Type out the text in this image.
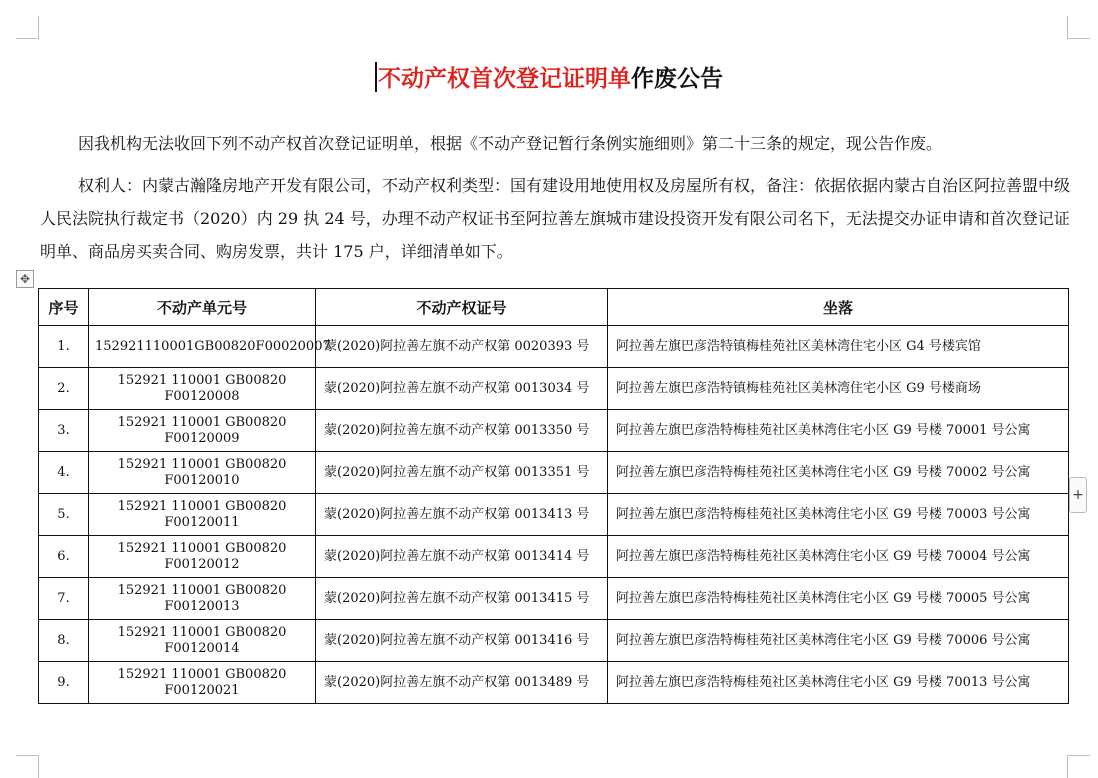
不动产权首次登记证明单作废公告
因我机构无法收回下列不动产权首次登记证明单，根据《不动产登记暂行条例实施细则》第二十三条的规定，现公告作废。
权利人：内蒙古瀚隆房地产开发有限公司，不动产权利类型：国有建设用地使用权及房屋所有权，备注：依据依据内蒙古自治区阿拉善盟中级人民法院执行裁定书（2020）内 29 执 24 号，办理不动产权证书至阿拉善左旗城市建设投资开发有限公司名下，无法提交办证申请和首次登记证明单、商品房买卖合同、购房发票，共计 175 户，详细清单如下。
✥
+
序号	不动产单元号	不动产权证号	坐落
1.	152921110001GB00820F00020007	蒙(2020)阿拉善左旗不动产权第 0020393 号	阿拉善左旗巴彦浩特镇梅桂苑社区美林湾住宅小区 G4 号楼宾馆
2.	152921 110001 GB00820 F00120008	蒙(2020)阿拉善左旗不动产权第 0013034 号	阿拉善左旗巴彦浩特镇梅桂苑社区美林湾住宅小区 G9 号楼商场
3.	152921 110001 GB00820 F00120009	蒙(2020)阿拉善左旗不动产权第 0013350 号	阿拉善左旗巴彦浩特梅桂苑社区美林湾住宅小区 G9 号楼 70001 号公寓
4.	152921 110001 GB00820 F00120010	蒙(2020)阿拉善左旗不动产权第 0013351 号	阿拉善左旗巴彦浩特梅桂苑社区美林湾住宅小区 G9 号楼 70002 号公寓
5.	152921 110001 GB00820 F00120011	蒙(2020)阿拉善左旗不动产权第 0013413 号	阿拉善左旗巴彦浩特梅桂苑社区美林湾住宅小区 G9 号楼 70003 号公寓
6.	152921 110001 GB00820 F00120012	蒙(2020)阿拉善左旗不动产权第 0013414 号	阿拉善左旗巴彦浩特梅桂苑社区美林湾住宅小区 G9 号楼 70004 号公寓
7.	152921 110001 GB00820 F00120013	蒙(2020)阿拉善左旗不动产权第 0013415 号	阿拉善左旗巴彦浩特梅桂苑社区美林湾住宅小区 G9 号楼 70005 号公寓
8.	152921 110001 GB00820 F00120014	蒙(2020)阿拉善左旗不动产权第 0013416 号	阿拉善左旗巴彦浩特梅桂苑社区美林湾住宅小区 G9 号楼 70006 号公寓
9.	152921 110001 GB00820 F00120021	蒙(2020)阿拉善左旗不动产权第 0013489 号	阿拉善左旗巴彦浩特梅桂苑社区美林湾住宅小区 G9 号楼 70013 号公寓
